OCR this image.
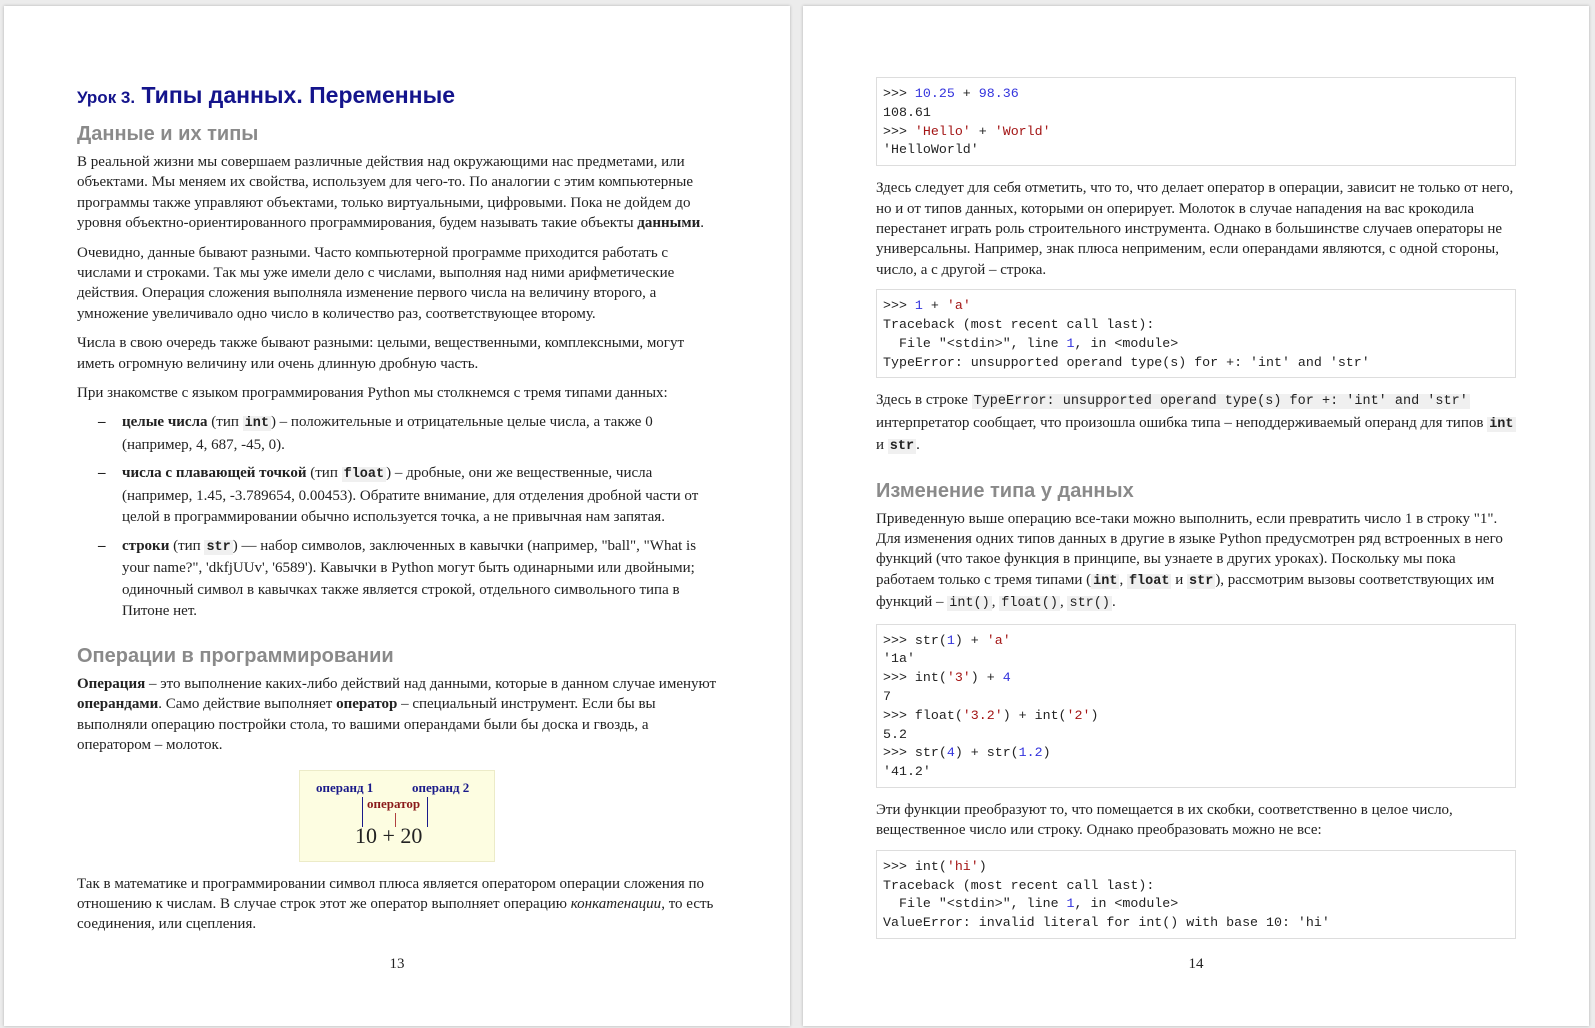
Урок 3. Типы данных. Переменные
Данные и их типы

В реальной жизни мы совершаем различные действия над окружающими нас предметами, или объектами. Мы меняем их свойства, используем для чего-то. По аналогии с этим компьютерные программы также управляют объектами, только виртуальными, цифровыми. Пока не дойдем до уровня объектно-ориентированного программирования, будем называть такие объекты данными.

Очевидно, данные бывают разными. Часто компьютерной программе приходится работать с числами и строками. Так мы уже имели дело с числами, выполняя над ними арифметические действия. Операция сложения выполняла изменение первого числа на величину второго, а умножение увеличивало одно число в количество раз, соответствующее второму.

Числа в свою очередь также бывают разными: целыми, вещественными, комплексными, могут иметь огромную величину или очень длинную дробную часть.

При знакомстве с языком программирования Python мы столкнемся с тремя типами данных:

– целые числа (тип int ) – положительные и отрицательные целые числа, а также 0 (например, 4, 687, -45, 0).
– числа с плавающей точкой (тип float ) – дробные, они же вещественные, числа (например, 1.45, -3.789654, 0.00453). Обратите внимание, для отделения дробной части от целой в программировании обычно используется точка, а не привычная нам запятая.
– строки (тип str ) — набор символов, заключенных в кавычки (например, "ball", "What is your name?", 'dkfjUUv', '6589'). Кавычки в Python могут быть одинарными или двойными; одиночный символ в кавычках также является строкой, отдельного символьного типа в Питоне нет.
Операции в программировании

Операция – это выполнение каких-либо действий над данными, которые в данном случае именуют операндами. Само действие выполняет оператор – специальный инструмент. Если бы вы выполняли операцию постройки стола, то вашими операндами были бы доска и гвоздь, а оператором – молоток.

операнд 1	операнд 2
оператор
10 + 20

Так в математике и программировании символ плюса является оператором операции сложения по отношению к числам. В случае строк этот же оператор выполняет операцию конкатенации, то есть соединения, или сцепления.

13
>>> 10.25 + 98.36
108.61
>>> 'Hello' + 'World'
'HelloWorld'

Здесь следует для себя отметить, что то, что делает оператор в операции, зависит не только от него, но и от типов данных, которыми он оперирует. Молоток в случае нападения на вас крокодила перестанет играть роль строительного инструмента. Однако в большинстве случаев операторы не универсальны. Например, знак плюса неприменим, если операндами являются, с одной стороны, число, а с другой – строка.

>>> 1 + 'a'
Traceback (most recent call last):
File "<stdin>", line 1, in <module>
TypeError: unsupported operand type(s) for +: 'int' and 'str'

Здесь в строке TypeError: unsupported operand type(s) for +: 'int' and 'str' интерпретатор сообщает, что произошла ошибка типа – неподдерживаемый операнд для типов int и str .

Изменение типа у данных

Приведенную выше операцию все-таки можно выполнить, если превратить число 1 в строку "1". Для изменения одних типов данных в другие в языке Python предусмотрен ряд встроенных в него функций (что такое функция в принципе, вы узнаете в других уроках). Поскольку мы пока работаем только с тремя типами ( int , float и str ), рассмотрим вызовы соответствующих им функций – int() , float() , str() .

>>> str(1) + 'a'
'1a'
>>> int('3') + 4
7
>>> float('3.2') + int('2')
5.2
>>> str(4) + str(1.2)
'41.2'

Эти функции преобразуют то, что помещается в их скобки, соответственно в целое число, вещественное число или строку. Однако преобразовать можно не все:

>>> int('hi')
Traceback (most recent call last):
File "<stdin>", line 1, in <module>
ValueError: invalid literal for int() with base 10: 'hi'
14
